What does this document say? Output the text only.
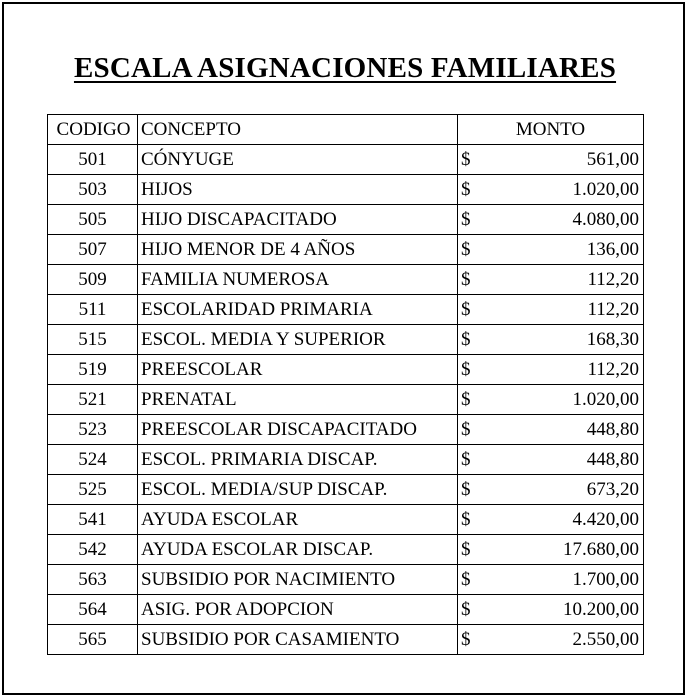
ESCALA ASIGNACIONES FAMILIARES
CODIGO	CONCEPTO	MONTO
501	CÓNYUGE	$ 561,00
503	HIJOS	$ 1.020,00
505	HIJO DISCAPACITADO	$ 4.080,00
507	HIJO MENOR DE 4 AÑOS	$ 136,00
509	FAMILIA NUMEROSA	$ 112,20
511	ESCOLARIDAD PRIMARIA	$ 112,20
515	ESCOL. MEDIA Y SUPERIOR	$ 168,30
519	PREESCOLAR	$ 112,20
521	PRENATAL	$ 1.020,00
523	PREESCOLAR DISCAPACITADO	$ 448,80
524	ESCOL. PRIMARIA DISCAP.	$ 448,80
525	ESCOL. MEDIA/SUP DISCAP.	$ 673,20
541	AYUDA ESCOLAR	$ 4.420,00
542	AYUDA ESCOLAR DISCAP.	$ 17.680,00
563	SUBSIDIO POR NACIMIENTO	$ 1.700,00
564	ASIG. POR ADOPCION	$ 10.200,00
565	SUBSIDIO POR CASAMIENTO	$ 2.550,00
